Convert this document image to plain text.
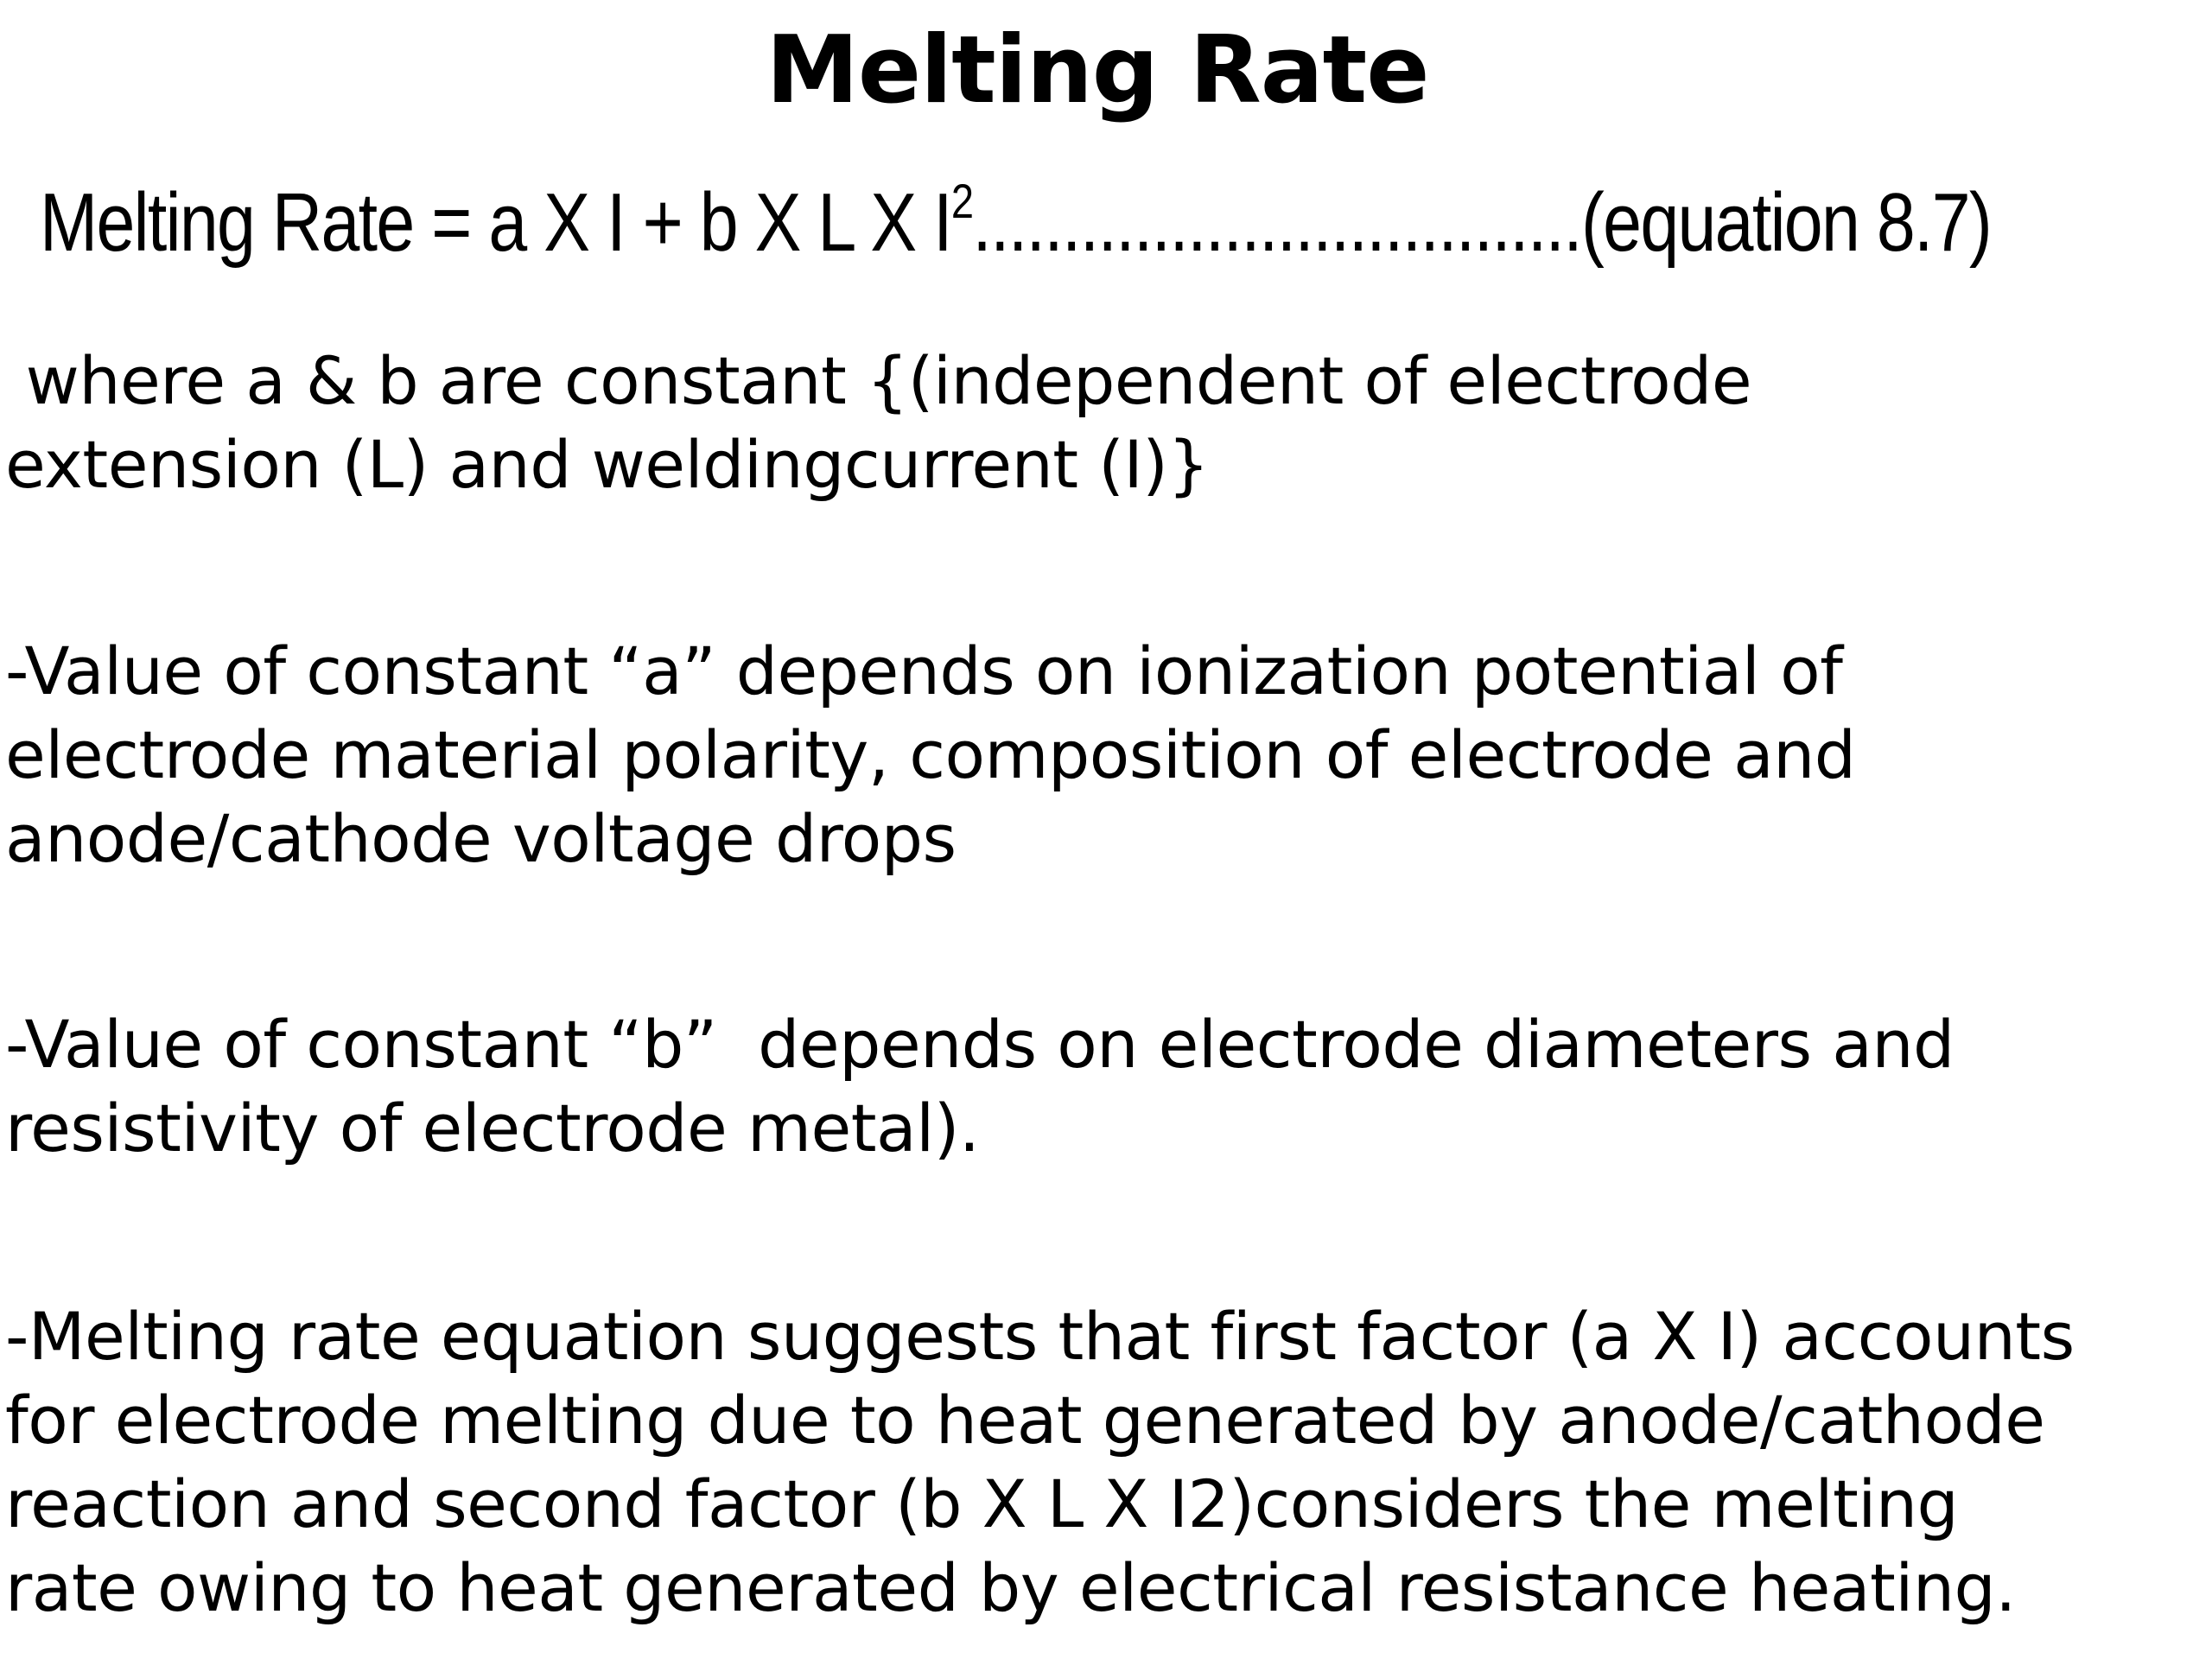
Melting Rate
Melting Rate = a X I + b X L X $I^2..................................(equation$ 8.7)
where a & b are constant {(independent of electrode
extension (L) and weldingcurrent (I)}
-Value of constant “a” depends on ionization potential of
electrode material polarity, composition of electrode and
anode/cathode voltage drops
-Value of constant “b”  depends on electrode diameters and
resistivity of electrode metal).
-Melting rate equation suggests that first factor (a X I) accounts
for electrode melting due to heat generated by anode/cathode
reaction and second factor (b X L X I2)considers the melting
rate owing to heat generated by electrical resistance heating.
